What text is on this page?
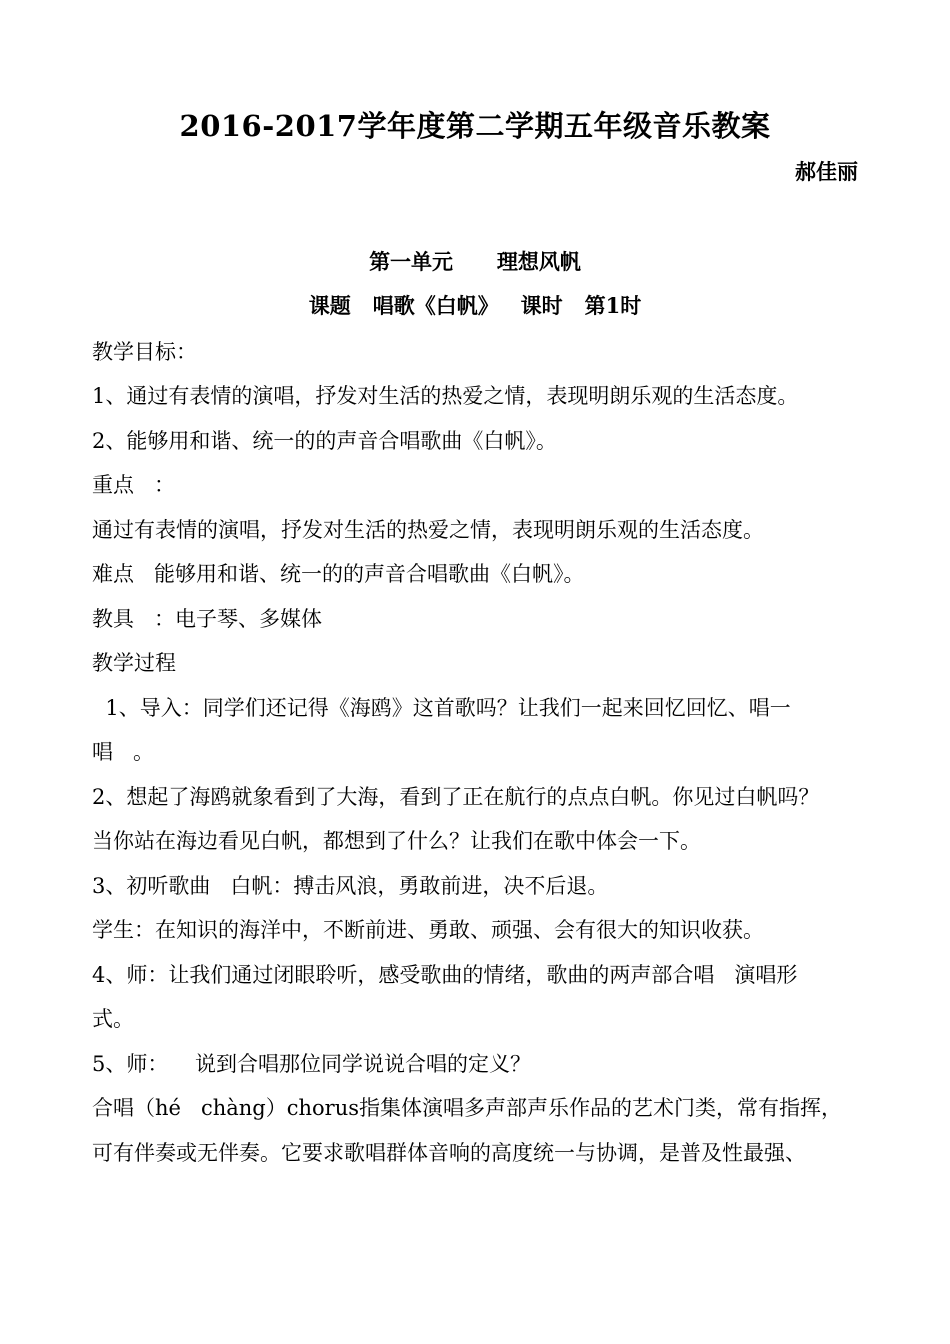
2016-2017学年度第二学期五年级音乐教案
郝佳丽
第一单元      理想风帆
课题   唱歌《白帆》   课时   第1时
教学目标：
1、通过有表情的演唱，抒发对生活的热爱之情，表现明朗乐观的生活态度。
2、能够用和谐、统一的的声音合唱歌曲《白帆》。
重点   ：
通过有表情的演唱，抒发对生活的热爱之情，表现明朗乐观的生活态度。
难点   能够用和谐、统一的的声音合唱歌曲《白帆》。
教具   ：电子琴、多媒体
教学过程
1、导入：同学们还记得《海鸥》这首歌吗？让我们一起来回忆回忆、唱一
唱   。
2、想起了海鸥就象看到了大海，看到了正在航行的点点白帆。你见过白帆吗？
当你站在海边看见白帆，都想到了什么？让我们在歌中体会一下。
3、初听歌曲   白帆：搏击风浪，勇敢前进，决不后退。
学生：在知识的海洋中，不断前进、勇敢、顽强、会有很大的知识收获。
4、师：让我们通过闭眼聆听，感受歌曲的情绪，歌曲的两声部合唱   演唱形
式。
5、师：    说到合唱那位同学说说合唱的定义？
合唱（hé   chàng）chorus指集体演唱多声部声乐作品的艺术门类，常有指挥，
可有伴奏或无伴奏。它要求歌唱群体音响的高度统一与协调，是普及性最强、
